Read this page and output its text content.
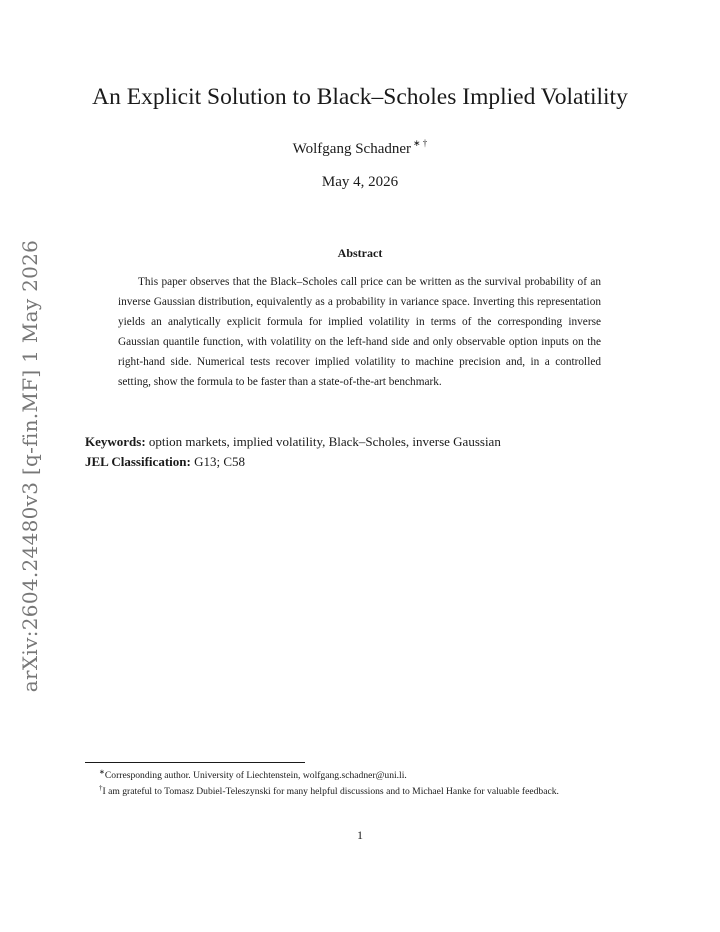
arXiv:2604.24480v3 [q-fin.MF] 1 May 2026
An Explicit Solution to Black–Scholes Implied Volatility
Wolfgang Schadner ∗ †
May 4, 2026
Abstract

This paper observes that the Black–Scholes call price can be written as the survival probability of an inverse Gaussian distribution, equivalently as a probability in variance space. Inverting this representation yields an analytically explicit formula for implied volatility in terms of the corresponding inverse Gaussian quantile function, with volatility on the left-hand side and only observable option inputs on the right-hand side. Numerical tests recover implied volatility to machine precision and, in a controlled setting, show the formula to be faster than a state-of-the-art benchmark.

Keywords: option markets, implied volatility, Black–Scholes, inverse Gaussian
JEL Classification: G13; C58

∗Corresponding author. University of Liechtenstein, wolfgang.schadner@uni.li.

†I am grateful to Tomasz Dubiel-Teleszynski for many helpful discussions and to Michael Hanke for valuable feedback.

1
